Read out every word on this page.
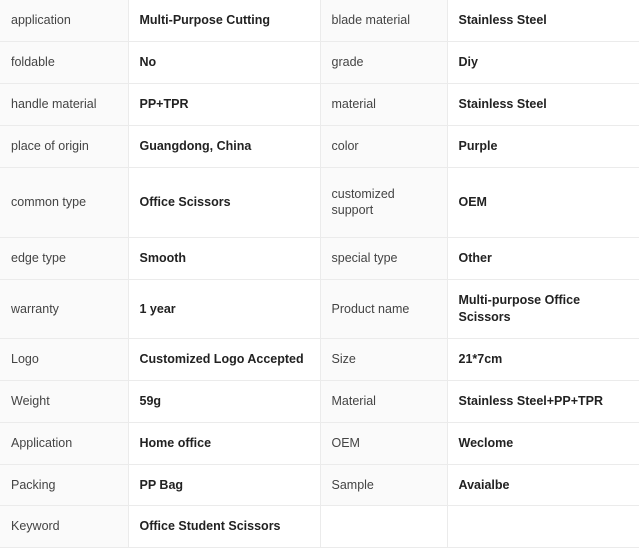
application	Multi-Purpose Cutting	blade material	Stainless Steel
foldable	No	grade	Diy
handle material	PP+TPR	material	Stainless Steel
place of origin	Guangdong, China	color	Purple
common type	Office Scissors	customized support	OEM
edge type	Smooth	special type	Other
warranty	1 year	Product name	Multi-purpose Office Scissors
Logo	Customized Logo Accepted	Size	21*7cm
Weight	59g	Material	Stainless Steel+PP+TPR
Application	Home office	OEM	Weclome
Packing	PP Bag	Sample	Avaialbe
Keyword	Office Student Scissors		
